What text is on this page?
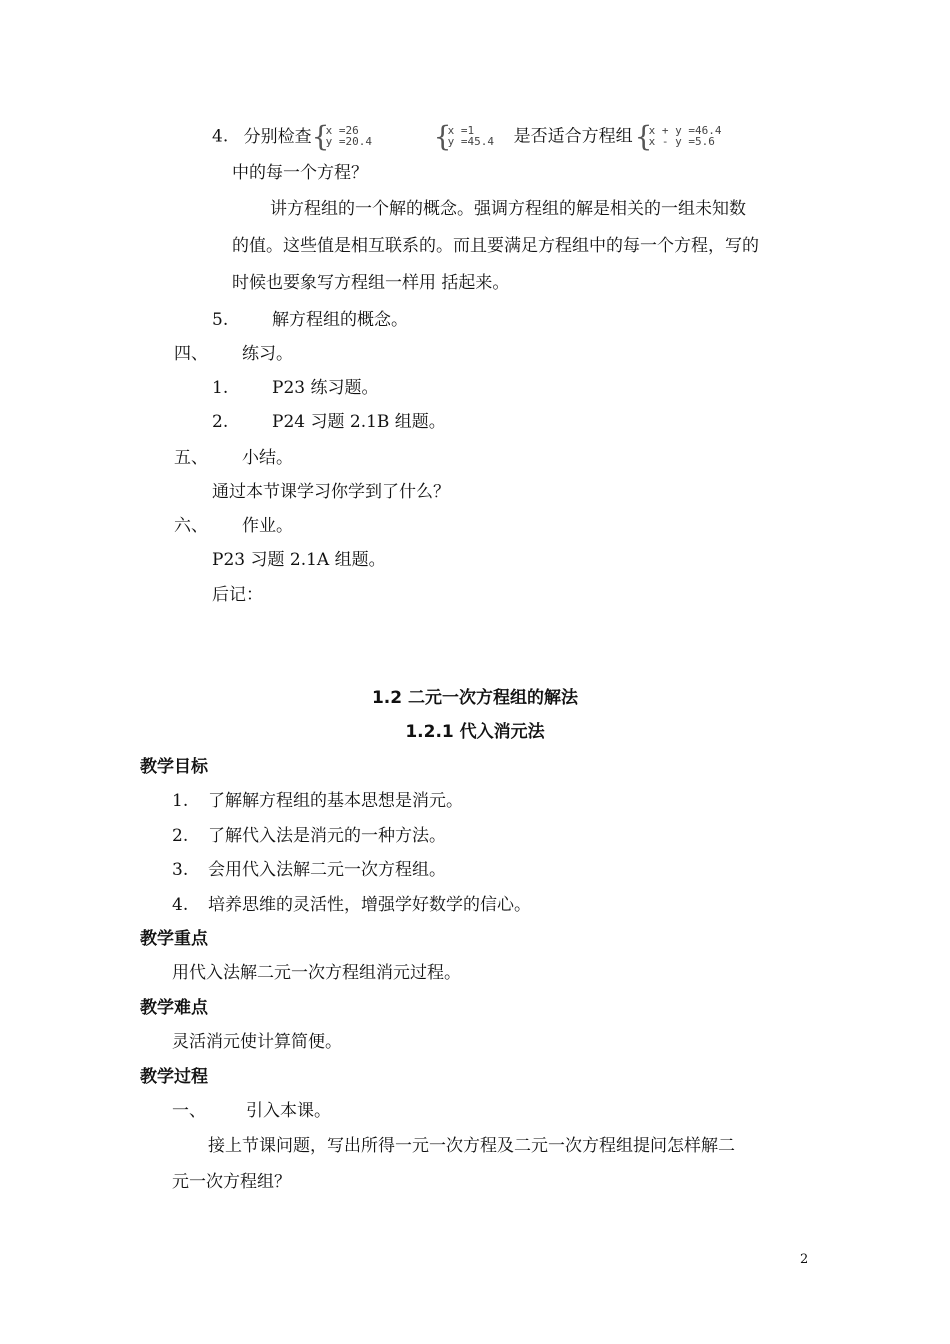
4. 分别检查 {
x =26
y =20.4 {
x =1
y =45.4 是否适合方程组 {
x + y =46.4
x - y =5.6
中的每一个方程？
讲方程组的一个解的概念。强调方程组的解是相关的一组未知数
的值。这些值是相互联系的。而且要满足方程组中的每一个方程，写的
时候也要象写方程组一样用 括起来。
5.	解方程组的概念。
四、 练习。
1.	P23 练习题。
2.	P24 习题 2.1B 组题。
五、 小结。
通过本节课学习你学到了什么？
六、 作业。
P23 习题 2.1A 组题。
后记：
1.2 二元一次方程组的解法
1.2.1 代入消元法
教学目标
1. 了解解方程组的基本思想是消元。
2. 了解代入法是消元的一种方法。
3. 会用代入法解二元一次方程组。
4. 培养思维的灵活性，增强学好数学的信心。
教学重点
用代入法解二元一次方程组消元过程。
教学难点
灵活消元使计算简便。
教学过程
一、 引入本课。
接上节课问题，写出所得一元一次方程及二元一次方程组提问怎样解二
元一次方程组？
2
